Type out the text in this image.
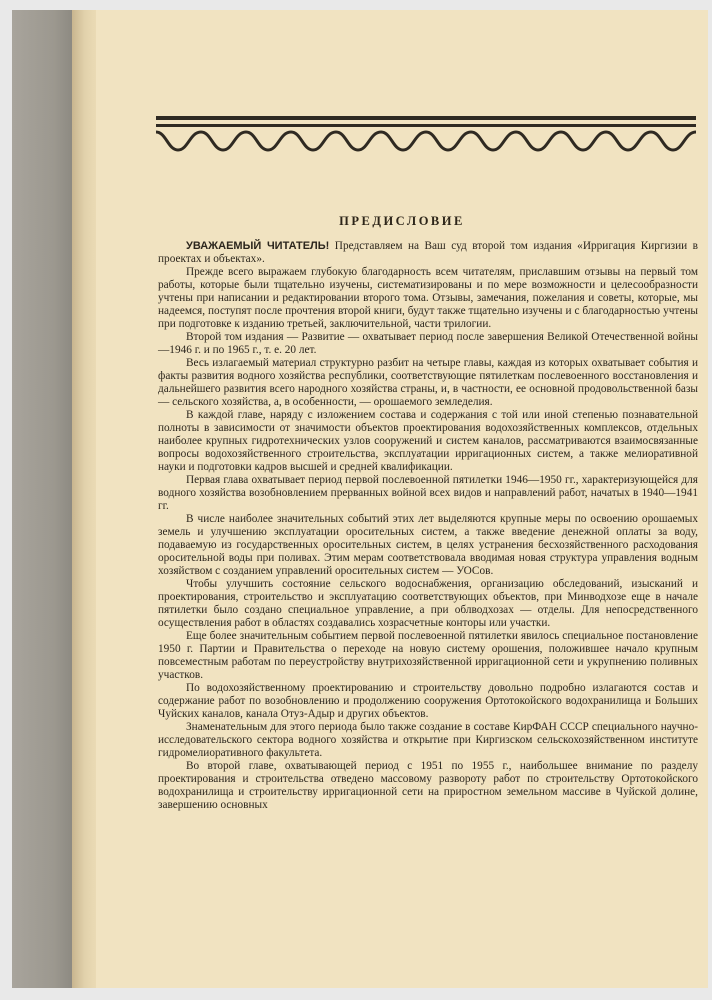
ПРЕДИСЛОВИЕ

УВАЖАЕМЫЙ ЧИТАТЕЛЬ! Представляем на Ваш суд второй том издания «Ирригация Киргизии в проектах и объектах».

Прежде всего выражаем глубокую благодарность всем читателям, приславшим отзывы на первый том работы, которые были тщательно изучены, систематизированы и по мере возможности и целесообразности учтены при написании и редактировании второго тома. Отзывы, замечания, пожелания и советы, которые, мы надеемся, поступят после прочтения второй книги, будут также тщательно изучены и с благодарностью учтены при подготовке к изданию третьей, заключительной, части трилогии.

Второй том издания — Развитие — охватывает период после завершения Великой Отечественной войны —1946 г. и по 1965 г., т. е. 20 лет.

Весь излагаемый материал структурно разбит на четыре главы, каждая из которых охватывает события и факты развития водного хозяйства республики, соответствующие пятилеткам послевоенного восстановления и дальнейшего развития всего народного хозяйства страны, и, в частности, ее основной продовольственной базы — сельского хозяйства, а, в особенности, — орошаемого земледелия.

В каждой главе, наряду с изложением состава и содержания с той или иной степенью познавательной полноты в зависимости от значимости объектов проектирования водохозяйственных комплексов, отдельных наиболее крупных гидротехнических узлов сооружений и систем каналов, рассматриваются взаимосвязанные вопросы водохозяйственного строительства, эксплуатации ирригационных систем, а также мелиоративной науки и подготовки кадров высшей и средней квалификации.

Первая глава охватывает период первой послевоенной пятилетки 1946—1950 гг., характеризующейся для водного хозяйства возобновлением прерванных войной всех видов и направлений работ, начатых в 1940—1941 гг.

В числе наиболее значительных событий этих лет выделяются крупные меры по освоению орошаемых земель и улучшению эксплуатации оросительных систем, а также введение денежной оплаты за воду, подаваемую из государственных оросительных систем, в целях устранения бесхозяйственного расходования оросительной воды при поливах. Этим мерам соответствовала вводимая новая структура управления водным хозяйством с созданием управлений оросительных систем — УОСов.

Чтобы улучшить состояние сельского водоснабжения, организацию обследований, изысканий и проектирования, строительство и эксплуатацию соответствующих объектов, при Минводхозе еще в начале пятилетки было создано специальное управление, а при облводхозах — отделы. Для непосредственного осуществления работ в областях создавались хозрасчетные конторы или участки.

Еще более значительным событием первой послевоенной пятилетки явилось специальное постановление 1950 г. Партии и Правительства о переходе на новую систему орошения, положившее начало крупным повсеместным работам по переустройству внутрихозяйственной ирригационной сети и укрупнению поливных участков.

По водохозяйственному проектированию и строительству довольно подробно излагаются состав и содержание работ по возобновлению и продолжению сооружения Ортотокойского водохранилища и Больших Чуйских каналов, канала Отуз-Адыр и других объектов.

Знаменательным для этого периода было также создание в составе КирФАН СССР специального научно-исследовательского сектора водного хозяйства и открытие при Киргизском сельскохозяйственном институте гидромелиоративного факультета.

Во второй главе, охватывающей период с 1951 по 1955 г., наибольшее внимание по разделу проектирования и строительства отведено массовому развороту работ по строительству Ортотокойского водохранилища и строительству ирригационной сети на приростном земельном массиве в Чуйской долине, завершению основных
